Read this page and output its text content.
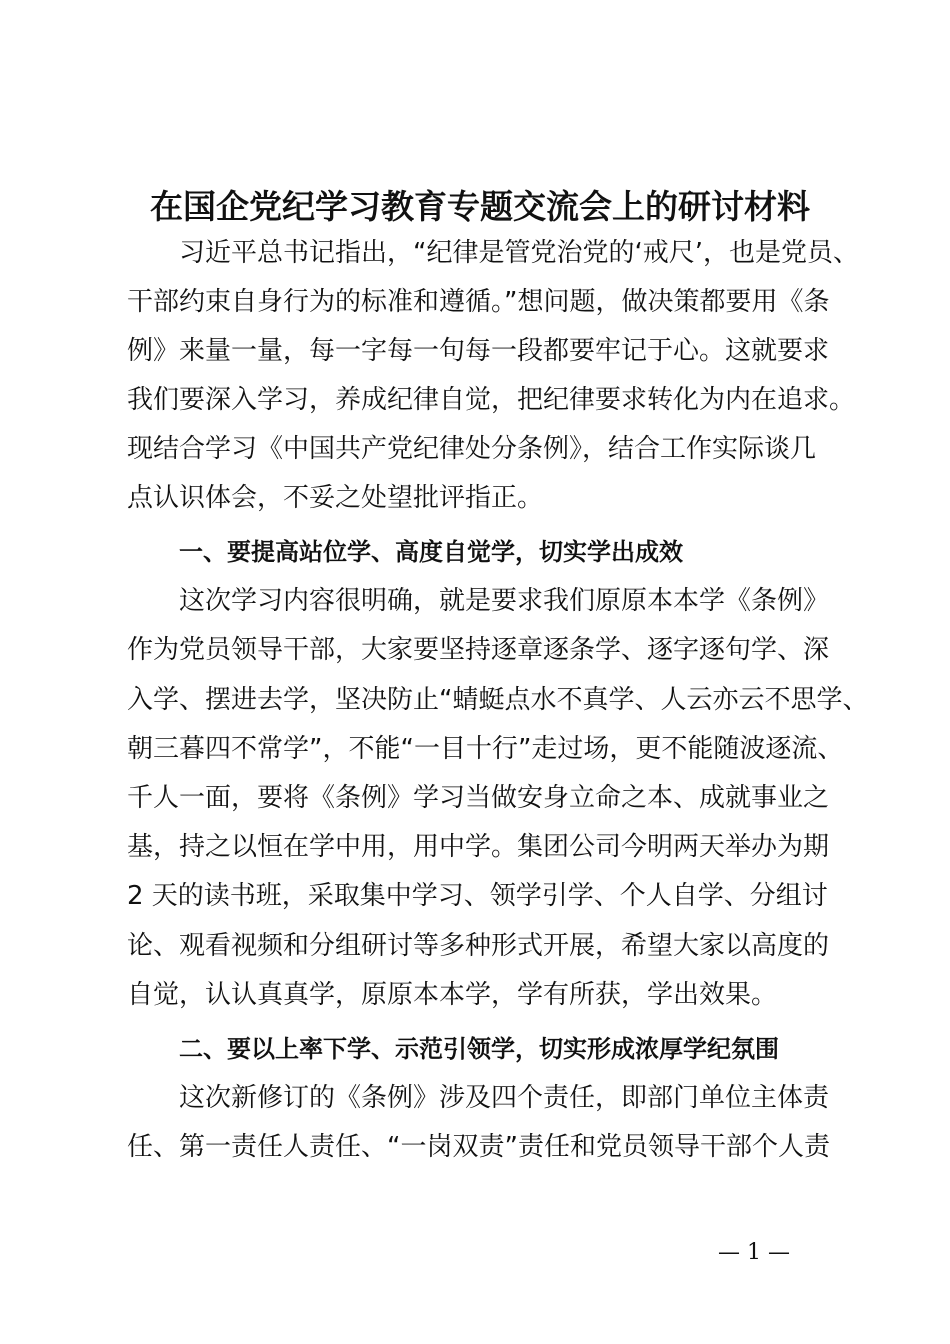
在国企党纪学习教育专题交流会上的研讨材料
习近平总书记指出，“纪律是管党治党的‘戒尺’，也是党员、
干部约束自身行为的标准和遵循。”想问题，做决策都要用《条
例》来量一量，每一字每一句每一段都要牢记于心。这就要求
我们要深入学习，养成纪律自觉，把纪律要求转化为内在追求。
现结合学习《中国共产党纪律处分条例》，结合工作实际谈几
点认识体会，不妥之处望批评指正。
一、要提高站位学、高度自觉学，切实学出成效
这次学习内容很明确，就是要求我们原原本本学《条例》
作为党员领导干部，大家要坚持逐章逐条学、逐字逐句学、深
入学、摆进去学，坚决防止“蜻蜓点水不真学、人云亦云不思学、
朝三暮四不常学”，不能“一目十行”走过场，更不能随波逐流、
千人一面，要将《条例》学习当做安身立命之本、成就事业之
基，持之以恒在学中用，用中学。集团公司今明两天举办为期
2 天的读书班，采取集中学习、领学引学、个人自学、分组讨
论、观看视频和分组研讨等多种形式开展，希望大家以高度的
自觉，认认真真学，原原本本学，学有所获，学出效果。
二、要以上率下学、示范引领学，切实形成浓厚学纪氛围
这次新修订的《条例》涉及四个责任，即部门单位主体责
任、第一责任人责任、“一岗双责”责任和党员领导干部个人责
— 1 —
